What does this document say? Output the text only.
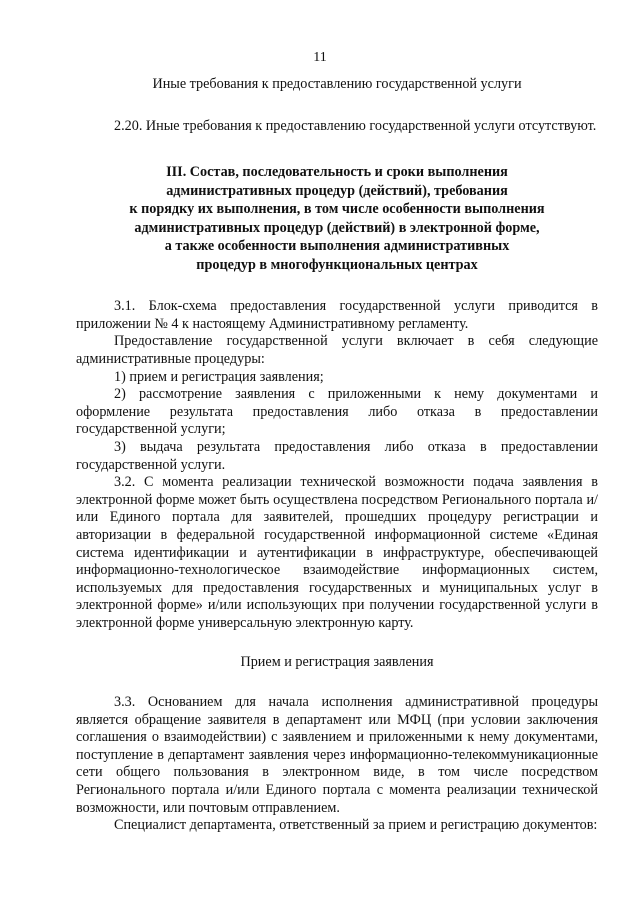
11

Иные требования к предоставлению государственной услуги

2.20. Иные требования к предоставлению государственной услуги отсутствуют.

III. Состав, последовательность и сроки выполнения
административных процедур (действий), требования
к порядку их выполнения, в том числе особенности выполнения
административных процедур (действий) в электронной форме,
а также особенности выполнения административных
процедур в многофункциональных центрах

3.1. Блок-схема предоставления государственной услуги приводится в приложении № 4 к настоящему Административному регламенту.

Предоставление государственной услуги включает в себя следующие административные процедуры:

1) прием и регистрация заявления;

2) рассмотрение заявления с приложенными к нему документами и оформление результата предоставления либо отказа в предоставлении государственной услуги;

3) выдача результата предоставления либо отказа в предоставлении государственной услуги.

3.2. С момента реализации технической возможности подача заявления в электронной форме может быть осуществлена посредством Регионального портала и/или Единого портала для заявителей, прошедших процедуру регистрации и авторизации в федеральной государственной информационной системе «Единая система идентификации и аутентификации в инфраструктуре, обеспечивающей информационно-технологическое взаимодействие информационных систем, используемых для предоставления государственных и муниципальных услуг в электронной форме» и/или использующих при получении государственной услуги в электронной форме универсальную электронную карту.

Прием и регистрация заявления

3.3. Основанием для начала исполнения административной процедуры является обращение заявителя в департамент или МФЦ (при условии заключения соглашения о взаимодействии) с заявлением и приложенными к нему документами, поступление в департамент заявления через информационно-телекоммуникационные сети общего пользования в электронном виде, в том числе посредством Регионального портала и/или Единого портала с момента реализации технической возможности, или почтовым отправлением.

Специалист департамента, ответственный за прием и регистрацию документов:
